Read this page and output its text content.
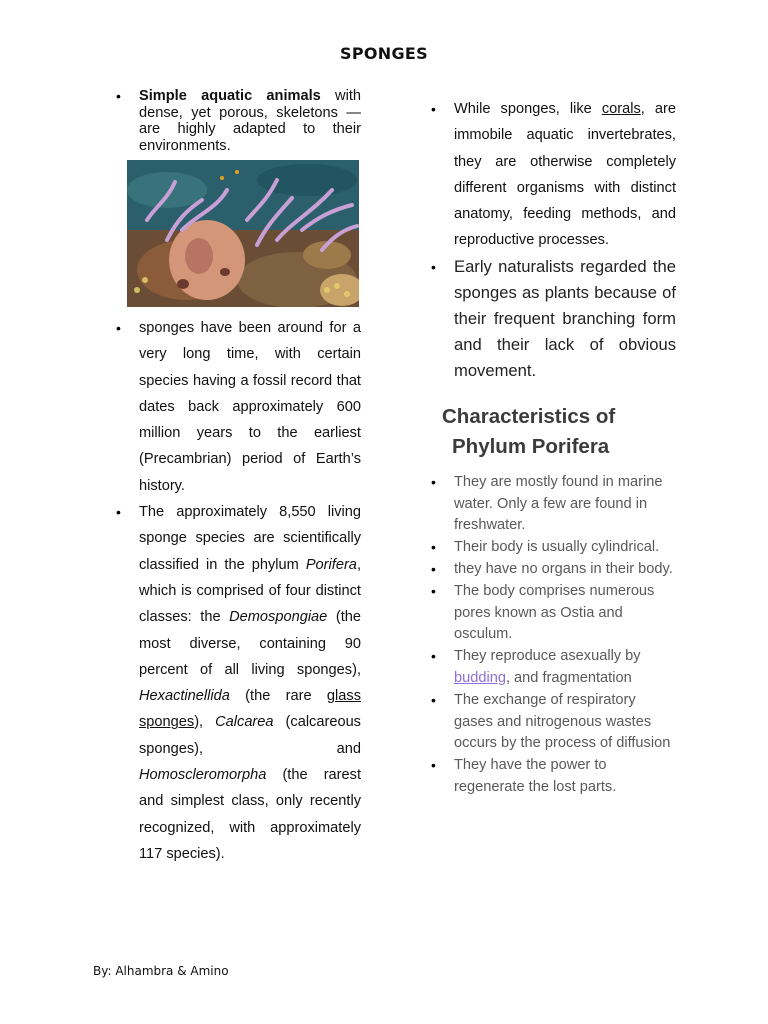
SPONGES
• Simple aquatic animals with dense, yet porous, skeletons — are highly adapted to their environments.
• sponges have been around for a very long time, with certain species having a fossil record that dates back approximately 600 million years to the earliest (Precambrian) period of Earth’s history.
• The approximately 8,550 living sponge species are scientifically classified in the phylum Porifera, which is comprised of four distinct classes: the Demospongiae (the most diverse, containing 90 percent of all living sponges), Hexactinellida (the rare glass sponges), Calcarea (calcareous sponges), and Homoscleromorpha (the rarest and simplest class, only recently recognized, with approximately 117 species).
• While sponges, like corals, are immobile aquatic invertebrates, they are otherwise completely different organisms with distinct anatomy, feeding methods, and reproductive processes.
• Early naturalists regarded the sponges as plants because of their frequent branching form and their lack of obvious movement.
Characteristics of
Phylum Porifera
• They are mostly found in marine water. Only a few are found in freshwater.
• Their body is usually cylindrical.
• they have no organs in their body.
• The body comprises numerous pores known as Ostia and osculum.
• They reproduce asexually by budding, and fragmentation
• The exchange of respiratory gases and nitrogenous wastes occurs by the process of diffusion
• They have the power to regenerate the lost parts.
By: Alhambra & Amino
